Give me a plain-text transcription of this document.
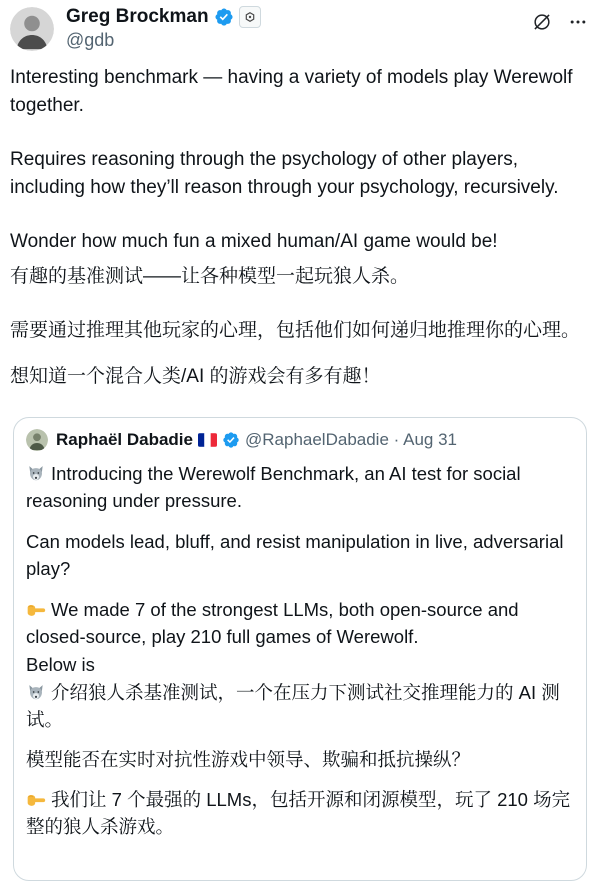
Greg Brockman
@gdb

Interesting benchmark — having a variety of models play Werewolf together.

Requires reasoning through the psychology of other players, including how they’ll reason through your psychology, recursively.

Wonder how much fun a mixed human/AI game would be!

有趣的基准测试——让各种模型一起玩狼人杀。

需要通过推理其他玩家的心理，包括他们如何递归地推理你的心理。

想知道一个混合人类/AI 的游戏会有多有趣！

Raphaël Dabadie	@RaphaelDabadie · Aug 31

Introducing the Werewolf Benchmark, an AI test for social reasoning under pressure.

Can models lead, bluff, and resist manipulation in live, adversarial play?

We made 7 of the strongest LLMs, both open-source and closed-source, play 210 full games of Werewolf.

Below is

介绍狼人杀基准测试，一个在压力下测试社交推理能力的 AI 测试。

模型能否在实时对抗性游戏中领导、欺骗和抵抗操纵？

我们让 7 个最强的 LLMs，包括开源和闭源模型，玩了 210 场完整的狼人杀游戏。
